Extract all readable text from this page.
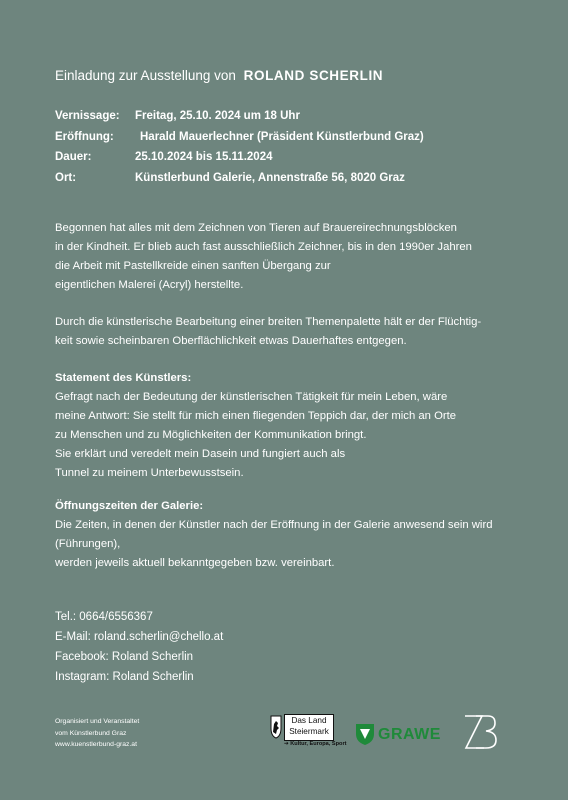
Einladung zur Ausstellung von ROLAND SCHERLIN
Vernissage: Freitag, 25.10. 2024 um 18 Uhr
Eröffnung: Harald Mauerlechner (Präsident Künstlerbund Graz)
Dauer:	25.10.2024 bis 15.11.2024
Ort:	Künstlerbund Galerie, Annenstraße 56, 8020 Graz
Begonnen hat alles mit dem Zeichnen von Tieren auf Brauereirechnungsblöcken
in der Kindheit. Er blieb auch fast ausschließlich Zeichner, bis in den 1990er Jahren
die Arbeit mit Pastellkreide einen sanften Übergang zur
eigentlichen Malerei (Acryl) herstellte.
Durch die künstlerische Bearbeitung einer breiten Themenpalette hält er der Flüchtig-
keit sowie scheinbaren Oberflächlichkeit etwas Dauerhaftes entgegen.
Statement des Künstlers:
Gefragt nach der Bedeutung der künstlerischen Tätigkeit für mein Leben, wäre
meine Antwort: Sie stellt für mich einen fliegenden Teppich dar, der mich an Orte
zu Menschen und zu Möglichkeiten der Kommunikation bringt.
Sie erklärt und veredelt mein Dasein und fungiert auch als
Tunnel zu meinem Unterbewusstsein.
Öffnungszeiten der Galerie:
Die Zeiten, in denen der Künstler nach der Eröffnung in der Galerie anwesend sein wird
(Führungen),
werden jeweils aktuell bekanntgegeben bzw. vereinbart.
Tel.: 0664/6556367
E-Mail: roland.scherlin@chello.at
Facebook: Roland Scherlin
Instagram: Roland Scherlin
Organisiert und Veranstaltet
vom Künstlerbund Graz
www.kuenstlerbund-graz.at
Das Land
Steiermark
➔ Kultur, Europa, Sport
GRAWE
